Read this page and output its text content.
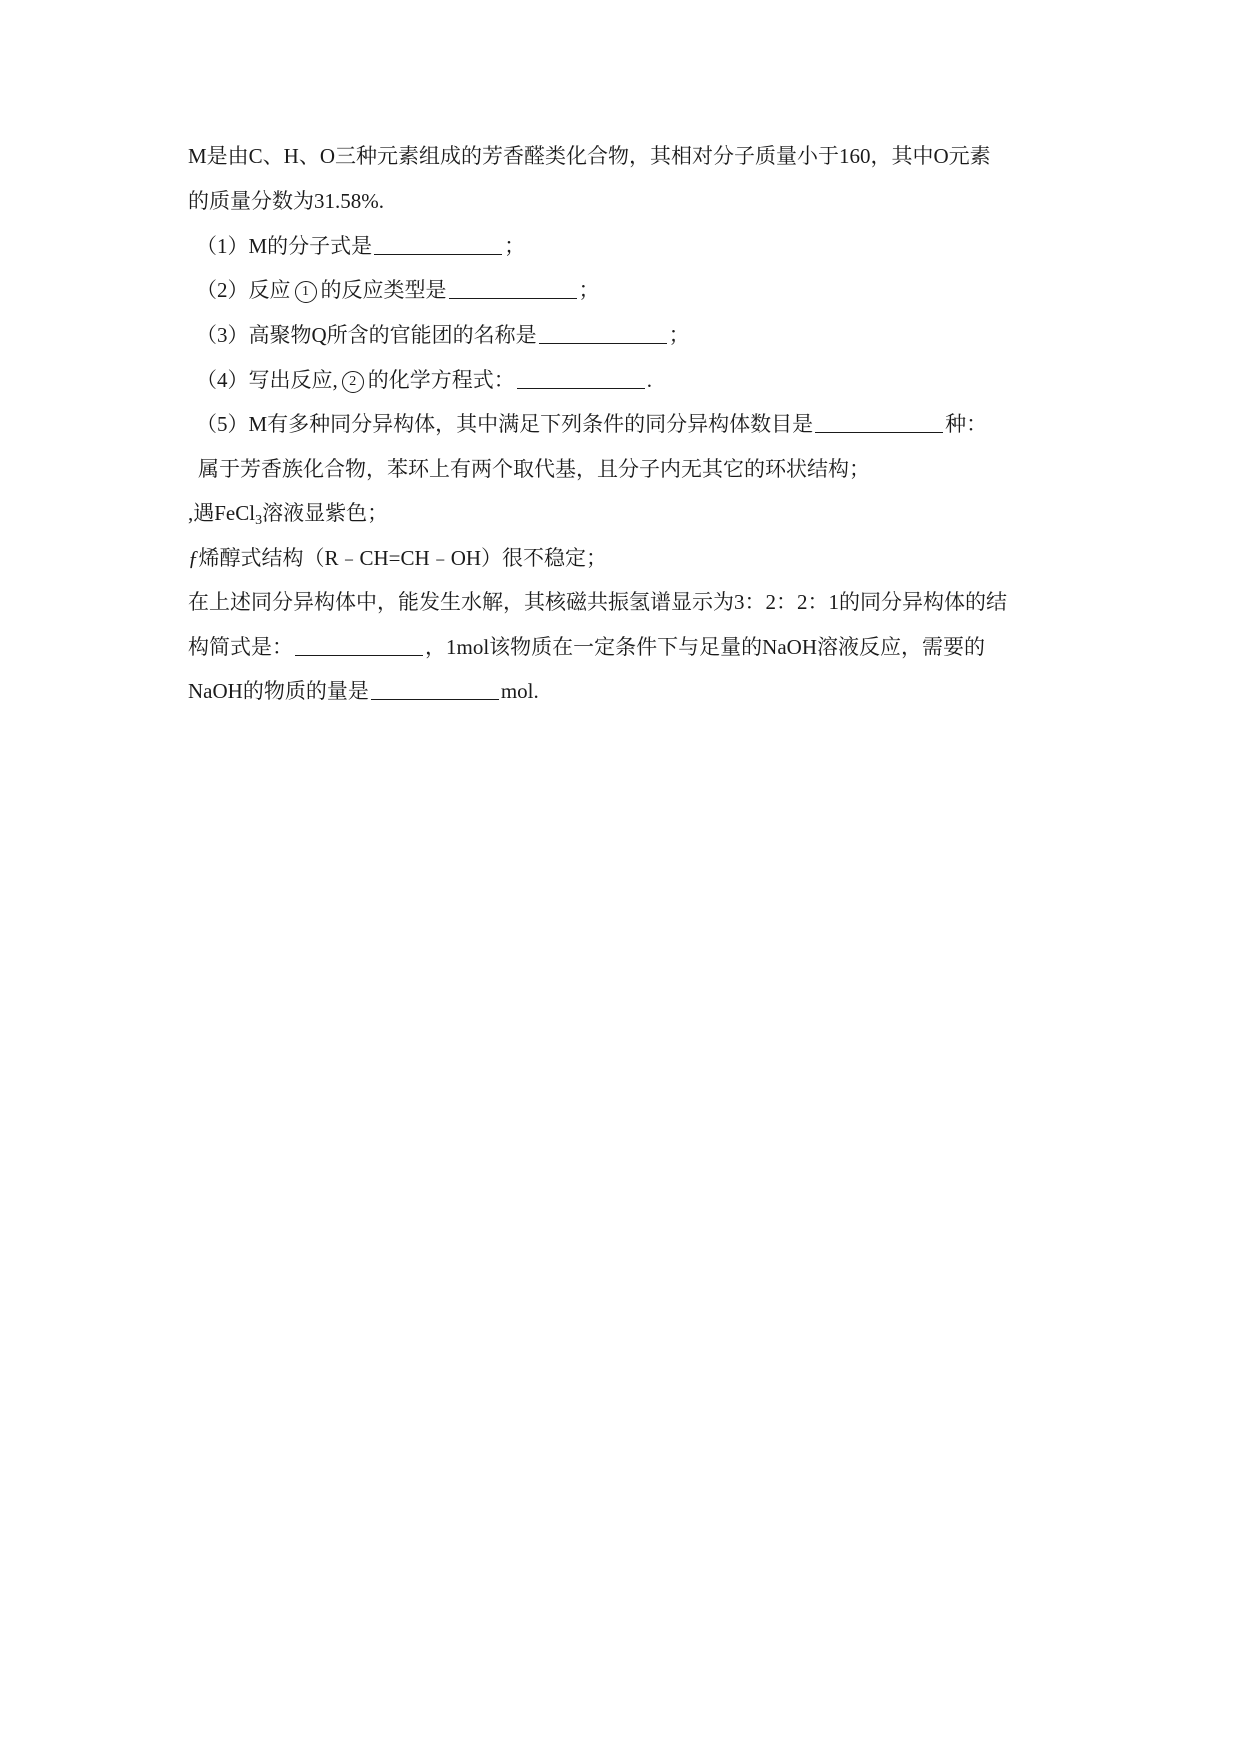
M是由C、H、O三种元素组成的芳香醛类化合物，其相对分子质量小于160，其中O元素
的质量分数为31.58%.
（1）M的分子式是	；
（2）反应 1 的反应类型是	；
（3）高聚物Q所含的官能团的名称是	；
（4）写出反应, 2 的化学方程式：	.
（5）M有多种同分异构体，其中满足下列条件的同分异构体数目是	种：
属于芳香族化合物，苯环上有两个取代基，且分子内无其它的环状结构；
,遇FeCl$_3$溶液显紫色；
ƒ烯醇式结构（R﹣CH=CH﹣OH）很不稳定；
在上述同分异构体中，能发生水解，其核磁共振氢谱显示为3：2：2：1的同分异构体的结
构简式是：	，1mol该物质在一定条件下与足量的NaOH溶液反应，需要的
NaOH的物质的量是	mol.
